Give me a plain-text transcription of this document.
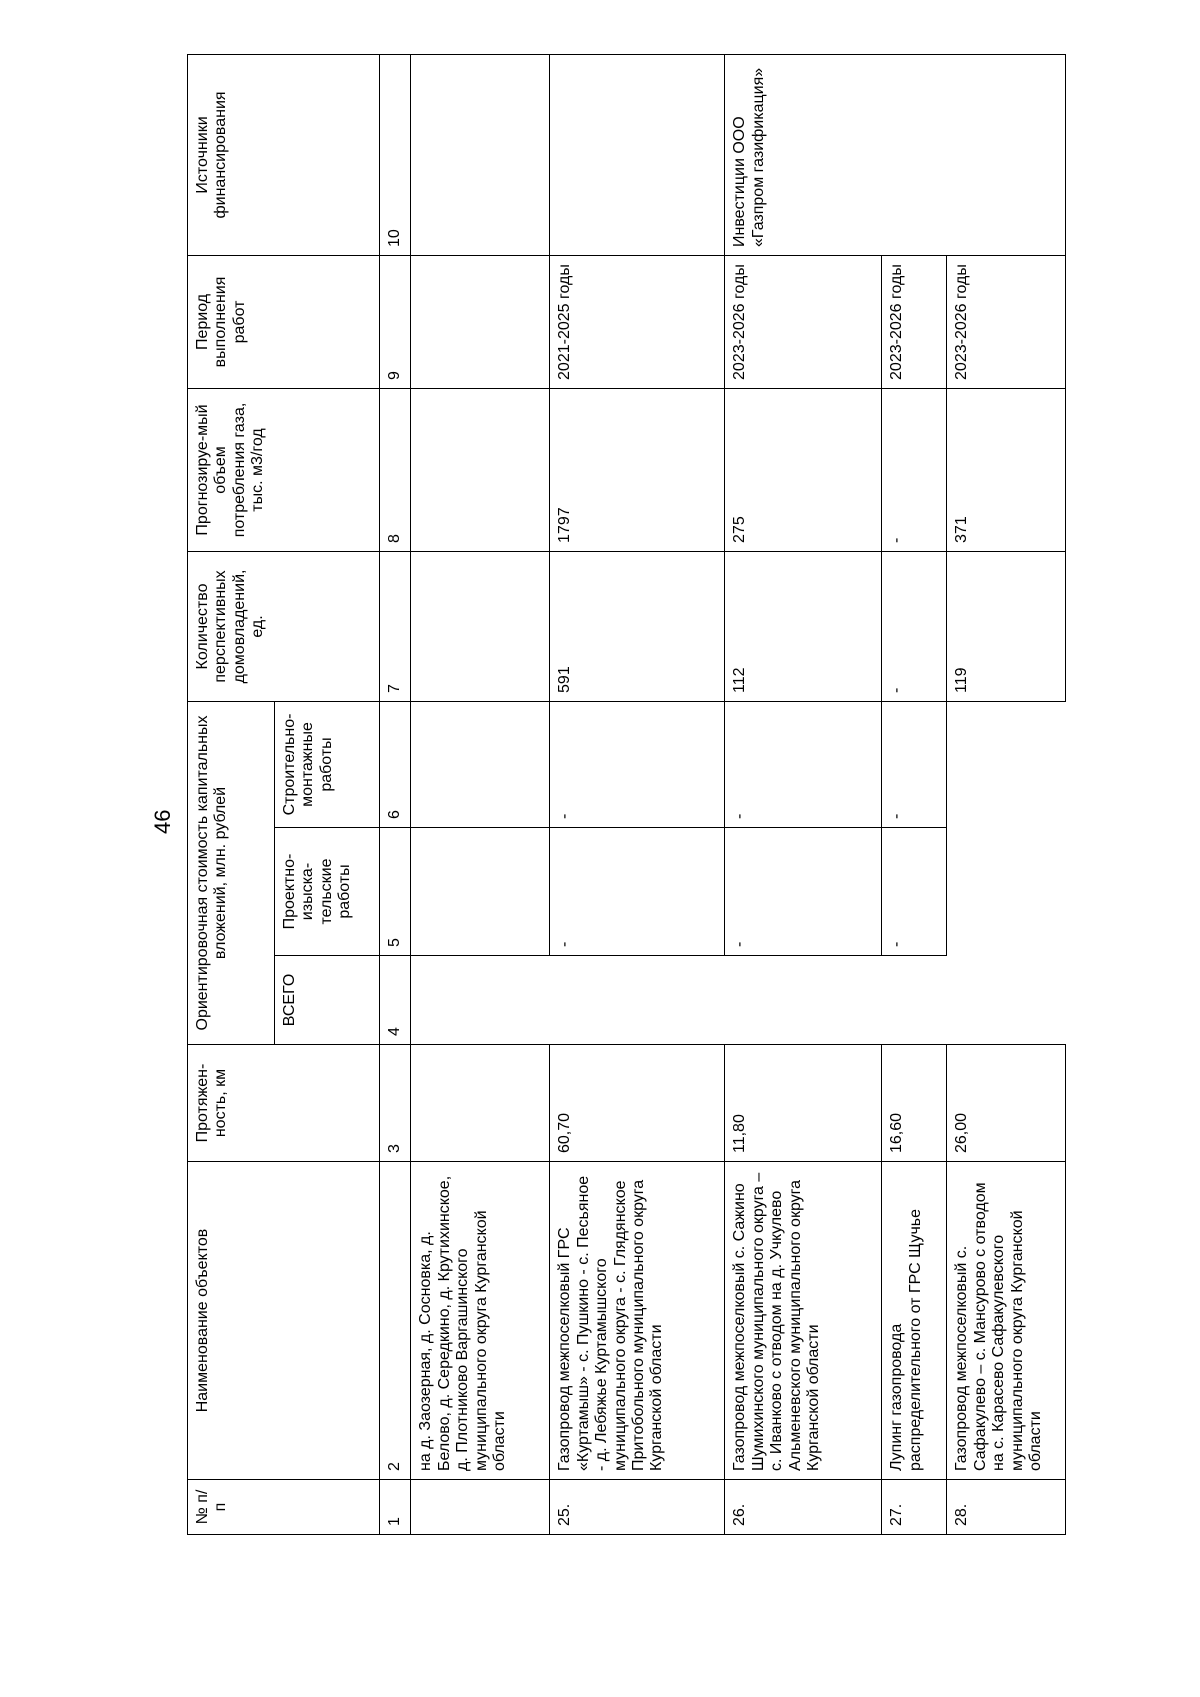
46
№ п/п	Наименование объектов	Протяжен-ность, км	Ориентировочная стоимость капитальных вложений, млн. рублей			Количество перспективных домовладений, ед.	Прогнозируе-мый объем потребления газа, тыс. м3/год	Период выполнения работ	Источники финансирования
			ВСЕГО	Проектно-изыска-тельские работы	Строительно-монтажные работы				
1	2	3	4	5	6	7	8	9	10
	на д. Заозерная, д. Сосновка, д. Белово, д. Середкино, д. Крутихинское, д. Плотниково Варгашинского муниципального округа Курганской области								
25.	Газопровод межпоселковый ГРС «Куртамыш» - с. Пушкино - с. Песьяное - д. Лебяжье Куртамышского муниципального округа - с. Глядянское Притобольного муниципального округа Курганской области	60,70		-	-	591	1797	2021-2025 годы	
26.	Газопровод межпоселковый с. Сажино Шумихинского муниципального округа – с. Иванково с отводом на д. Учкулево Альменевского муниципального округа Курганской области	11,80		-	-	112	275	2023-2026 годы	Инвестиции ООО «Газпром газификация»
27.	Лупинг газопровода распределительного от ГРС Щучье	16,60		-	-	-	-	2023-2026 годы	
28.	Газопровод межпоселковый с. Сафакулево – с. Мансурово с отводом на с. Карасево Сафакулевского муниципального округа Курганской области	26,00				119	371	2023-2026 годы	
